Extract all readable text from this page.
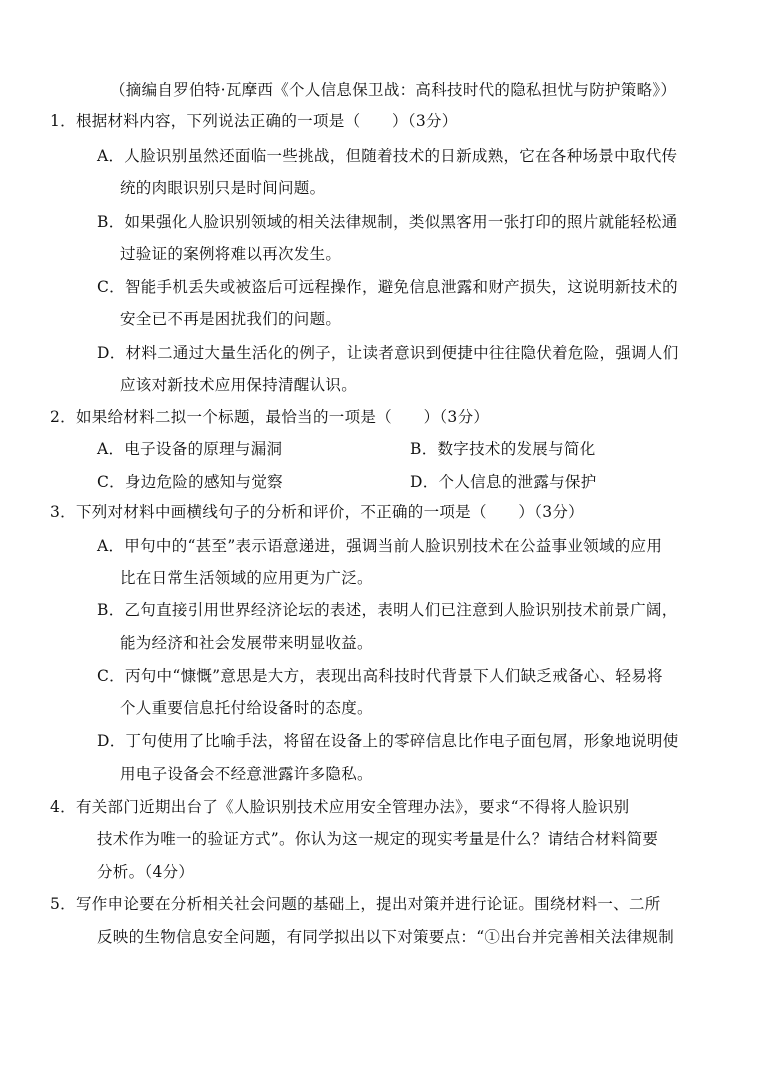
（摘编自罗伯特·瓦摩西《个人信息保卫战：高科技时代的隐私担忧与防护策略》）
1．根据材料内容，下列说法正确的一项是（　　）（3分）
A．人脸识别虽然还面临一些挑战，但随着技术的日新成熟，它在各种场景中取代传
统的肉眼识别只是时间问题。
B．如果强化人脸识别领域的相关法律规制，类似黑客用一张打印的照片就能轻松通
过验证的案例将难以再次发生。
C．智能手机丢失或被盗后可远程操作，避免信息泄露和财产损失，这说明新技术的
安全已不再是困扰我们的问题。
D．材料二通过大量生活化的例子，让读者意识到便捷中往往隐伏着危险，强调人们
应该对新技术应用保持清醒认识。
2．如果给材料二拟一个标题，最恰当的一项是（　　）（3分）
A．电子设备的原理与漏洞	B．数字技术的发展与简化
C．身边危险的感知与觉察	D．个人信息的泄露与保护
3．下列对材料中画横线句子的分析和评价，不正确的一项是（　　）（3分）
A．甲句中的“甚至”表示语意递进，强调当前人脸识别技术在公益事业领域的应用
比在日常生活领域的应用更为广泛。
B．乙句直接引用世界经济论坛的表述，表明人们已注意到人脸识别技术前景广阔，
能为经济和社会发展带来明显收益。
C．丙句中“慷慨”意思是大方，表现出高科技时代背景下人们缺乏戒备心、轻易将
个人重要信息托付给设备时的态度。
D．丁句使用了比喻手法，将留在设备上的零碎信息比作电子面包屑，形象地说明使
用电子设备会不经意泄露许多隐私。
4．有关部门近期出台了《人脸识别技术应用安全管理办法》，要求“不得将人脸识别
技术作为唯一的验证方式”。你认为这一规定的现实考量是什么？请结合材料简要
分析。（4分）
5．写作申论要在分析相关社会问题的基础上，提出对策并进行论证。围绕材料一、二所
反映的生物信息安全问题，有同学拟出以下对策要点：“①出台并完善相关法律规制
